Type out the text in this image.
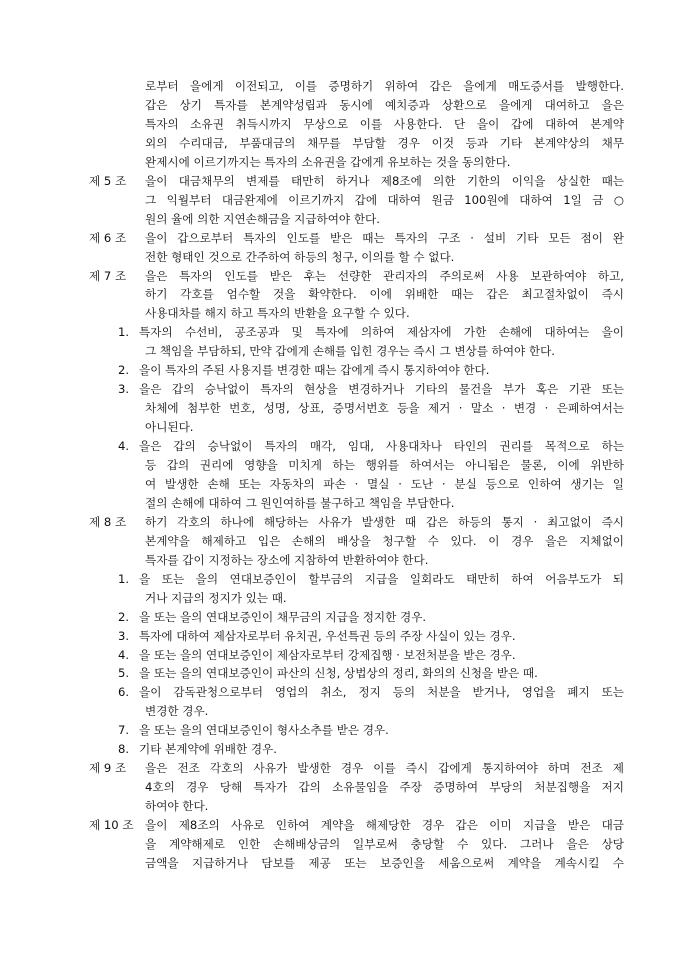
로부터 을에게 이전되고, 이를 증명하기 위하여 갑은 을에게 매도증서를 발행한다.
갑은 상기 특자를 본계약성립과 동시에 예치증과 상환으로 을에게 대여하고 을은
특자의 소유권 취득시까지 무상으로 이를 사용한다. 단 을이 갑에 대하여 본계약
외의 수리대금, 부품대금의 채무를 부담할 경우 이것 등과 기타 본계약상의 채무
완제시에 이르기까지는 특자의 소유권을 갑에게 유보하는 것을 동의한다.
제 5 조 을이 대금채무의 변제를 태만히 하거나 제8조에 의한 기한의 이익을 상실한 때는
그 익월부터 대금완제에 이르기까지 갑에 대하여 원금 100원에 대하여 1일 금 ○
원의 율에 의한 지연손해금을 지급하여야 한다.
제 6 조 을이 갑으로부터 특자의 인도를 받은 때는 특자의 구조 · 설비 기타 모든 점이 완
전한 형태인 것으로 간주하여 하등의 청구, 이의를 할 수 없다.
제 7 조 을은 특자의 인도를 받은 후는 선량한 관리자의 주의로써 사용 보관하여야 하고,
하기 각호를 엄수할 것을 확약한다. 이에 위배한 때는 갑은 최고절차없이 즉시
사용대차를 해지 하고 특자의 반환을 요구할 수 있다.
1. 특자의 수선비, 공조공과 및 특자에 의하여 제삼자에 가한 손해에 대하여는 을이
그 책임을 부담하되, 만약 갑에게 손해를 입힌 경우는 즉시 그 변상를 하여야 한다.
2. 을이 특자의 주된 사용지를 변경한 때는 갑에게 즉시 통지하여야 한다.
3. 을은 갑의 승낙없이 특자의 현상을 변경하거나 기타의 물건을 부가 혹은 기관 또는
차체에 첨부한 번호, 성명, 상표, 증명서번호 등을 제거 · 말소 · 변경 · 은폐하여서는
아니된다.
4. 을은 갑의 승낙없이 특자의 매각, 임대, 사용대차나 타인의 권리를 목적으로 하는
등 갑의 권리에 영향을 미치게 하는 행위를 하여서는 아니됨은 물론, 이에 위반하
여 발생한 손해 또는 자동차의 파손 · 멸실 · 도난 · 분실 등으로 인하여 생기는 일
절의 손해에 대하여 그 원인여하를 불구하고 책임을 부담한다.
제 8 조 하기 각호의 하나에 해당하는 사유가 발생한 때 갑은 하등의 통지 · 최고없이 즉시
본계약을 해제하고 입은 손해의 배상을 청구할 수 있다. 이 경우 을은 지체없이
특자를 갑이 지정하는 장소에 지참하여 반환하여야 한다.
1. 을 또는 을의 연대보증인이 할부금의 지급을 일회라도 태만히 하여 어음부도가 되
거나 지급의 정지가 있는 때.
2. 을 또는 을의 연대보증인이 채무금의 지급을 정지한 경우.
3. 특자에 대하여 제삼자로부터 유치권, 우선특권 등의 주장 사실이 있는 경우.
4. 을 또는 을의 연대보증인이 제삼자로부터 강제집행 · 보전처분을 받은 경우.
5. 을 또는 을의 연대보증인이 파산의 신청, 상법상의 정리, 화의의 신청을 받은 때.
6. 을이 감독관청으로부터 영업의 취소, 정지 등의 처분을 받거나, 영업을 폐지 또는
변경한 경우.
7. 을 또는 을의 연대보증인이 형사소추를 받은 경우.
8. 기타 본계약에 위배한 경우.
제 9 조 을은 전조 각호의 사유가 발생한 경우 이를 즉시 갑에게 통지하여야 하며 전조 제
4호의 경우 당해 특자가 갑의 소유물임을 주장 증명하여 부당의 처분집행을 저지
하여야 한다.
제 10 조 을이 제8조의 사유로 인하여 계약을 해제당한 경우 갑은 이미 지급을 받은 대금
을 계약해제로 인한 손해배상금의 일부로써 충당할 수 있다. 그러나 을은 상당
금액을 지급하거나 담보를 제공 또는 보증인을 세움으로써 계약을 계속시킬 수
